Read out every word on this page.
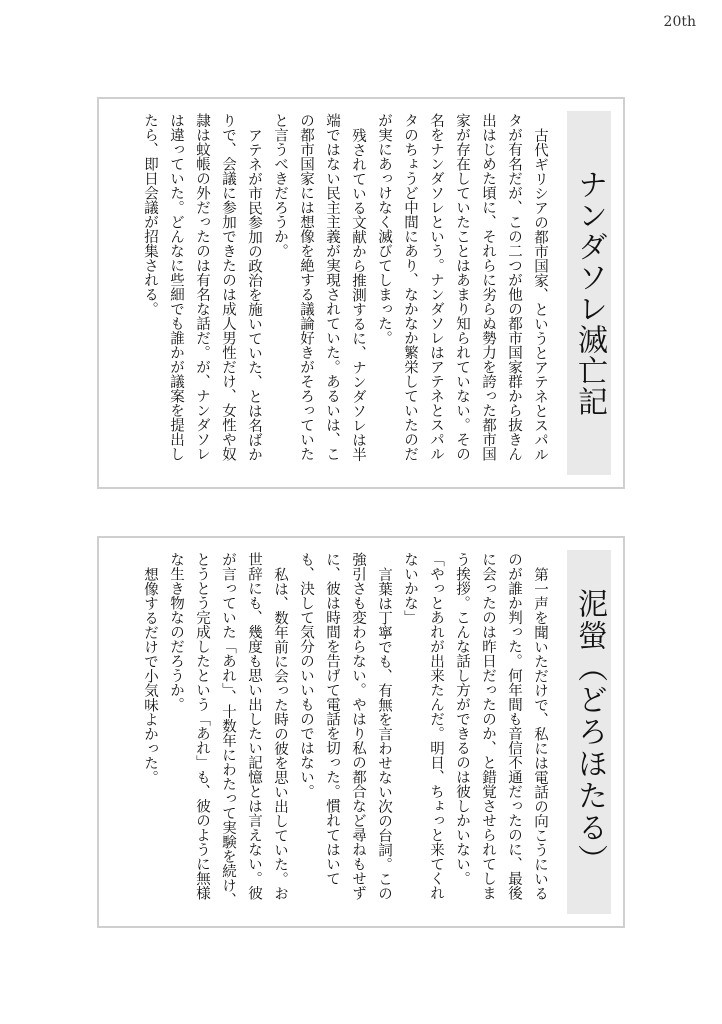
20th
ナンダソレ滅亡記

古代ギリシアの都市国家、というとアテネとスパルタが有名だが、この二つが他の都市国家群から抜きん出はじめた頃に、それらに劣らぬ勢力を誇った都市国家が存在していたことはあまり知られていない。その名をナンダソレという。ナンダソレはアテネとスパルタのちょうど中間にあり、なかなか繁栄していたのだが実にあっけなく滅びてしまった。

残されている文献から推測するに、ナンダソレは半端ではない民主主義が実現されていた。あるいは、この都市国家には想像を絶する議論好きがそろっていたと言うべきだろうか。

アテネが市民参加の政治を施いていた、とは名ばかりで、会議に参加できたのは成人男性だけ、女性や奴隷は蚊帳の外だったのは有名な話だ。が、ナンダソレは違っていた。どんなに些細でも誰かが議案を提出したら、即日会議が招集される。

泥螢（どろほたる）

第一声を聞いただけで、私には電話の向こうにいるのが誰か判った。何年間も音信不通だったのに、最後に会ったのは昨日だったのか、と錯覚させられてしまう挨拶。こんな話し方ができるのは彼しかいない。

「やっとあれが出来たんだ。明日、ちょっと来てくれないかな」

言葉は丁寧でも、有無を言わせない次の台詞。この強引さも変わらない。やはり私の都合など尋ねもせずに、彼は時間を告げて電話を切った。慣れてはいても、決して気分のいいものではない。

私は、数年前に会った時の彼を思い出していた。お世辞にも、幾度も思い出したい記憶とは言えない。彼が言っていた「あれ」、十数年にわたって実験を続け、とうとう完成したという「あれ」も、彼のように無様な生き物なのだろうか。

想像するだけで小気味よかった。
